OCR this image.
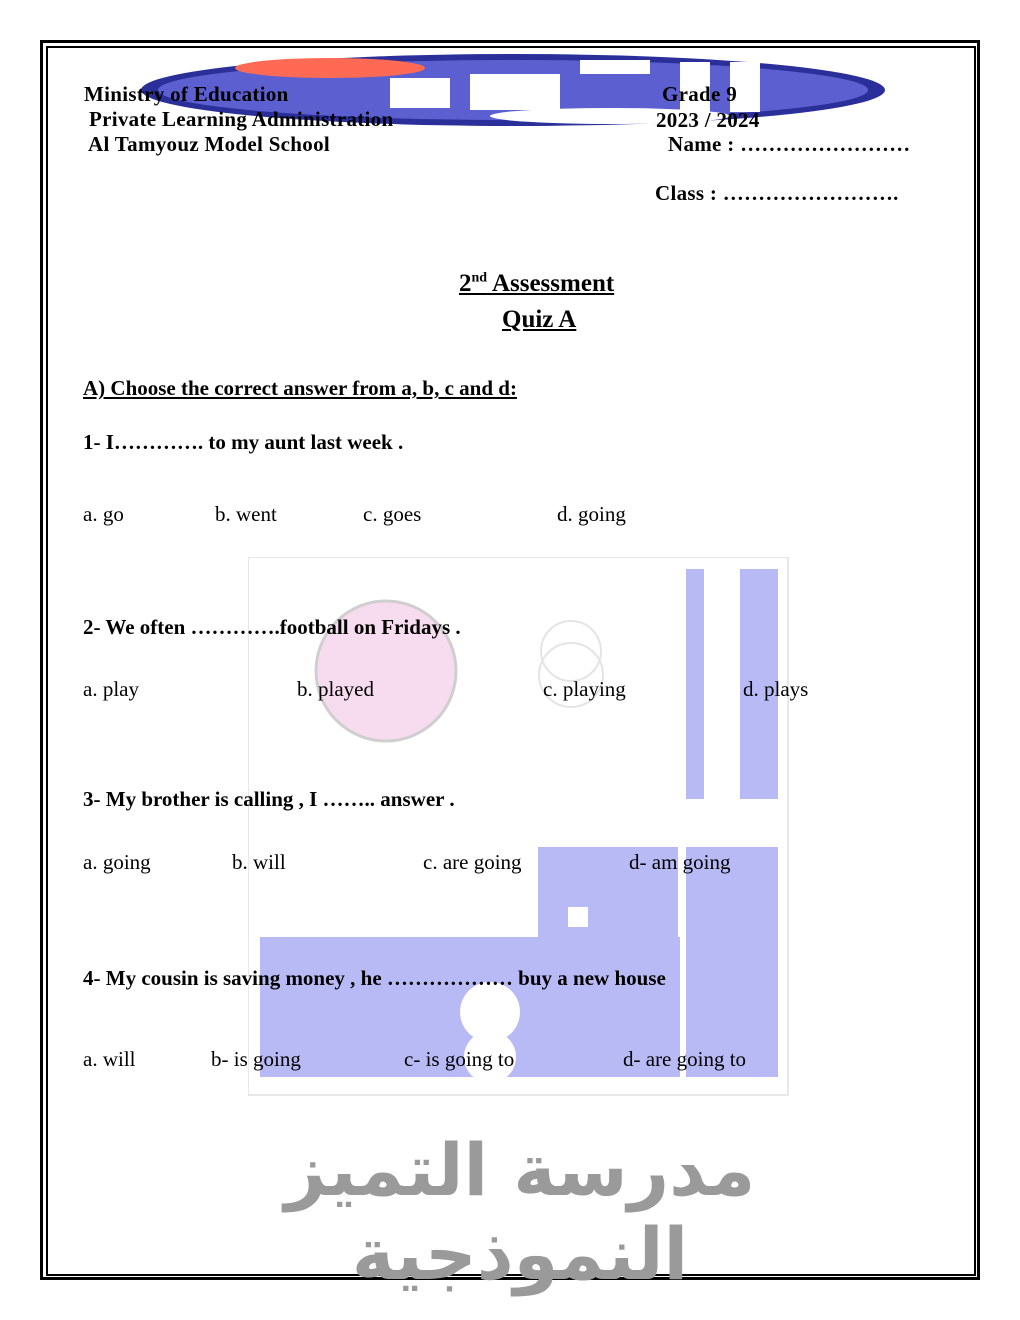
Ministry of Education
Private Learning Administration
Al Tamyouz Model School
Grade 9
2023 / 2024
Name : ……………………
Class : …………………….
2nd Assessment
Quiz A
A) Choose the correct answer from a, b, c and d:
1- I…………. to my aunt last week .
a. go	b. went	c. goes	d. going
2- We often ………….football on Fridays .
a. play	b. played	c. playing	d. plays
3- My brother is calling , I …….. answer .
a. going	b. will	c. are going	d- am going
4- My cousin is saving money , he ……………… buy a new house
a. will	b- is going	c- is going to	d- are going to
مدرسة التميز النموذجية
